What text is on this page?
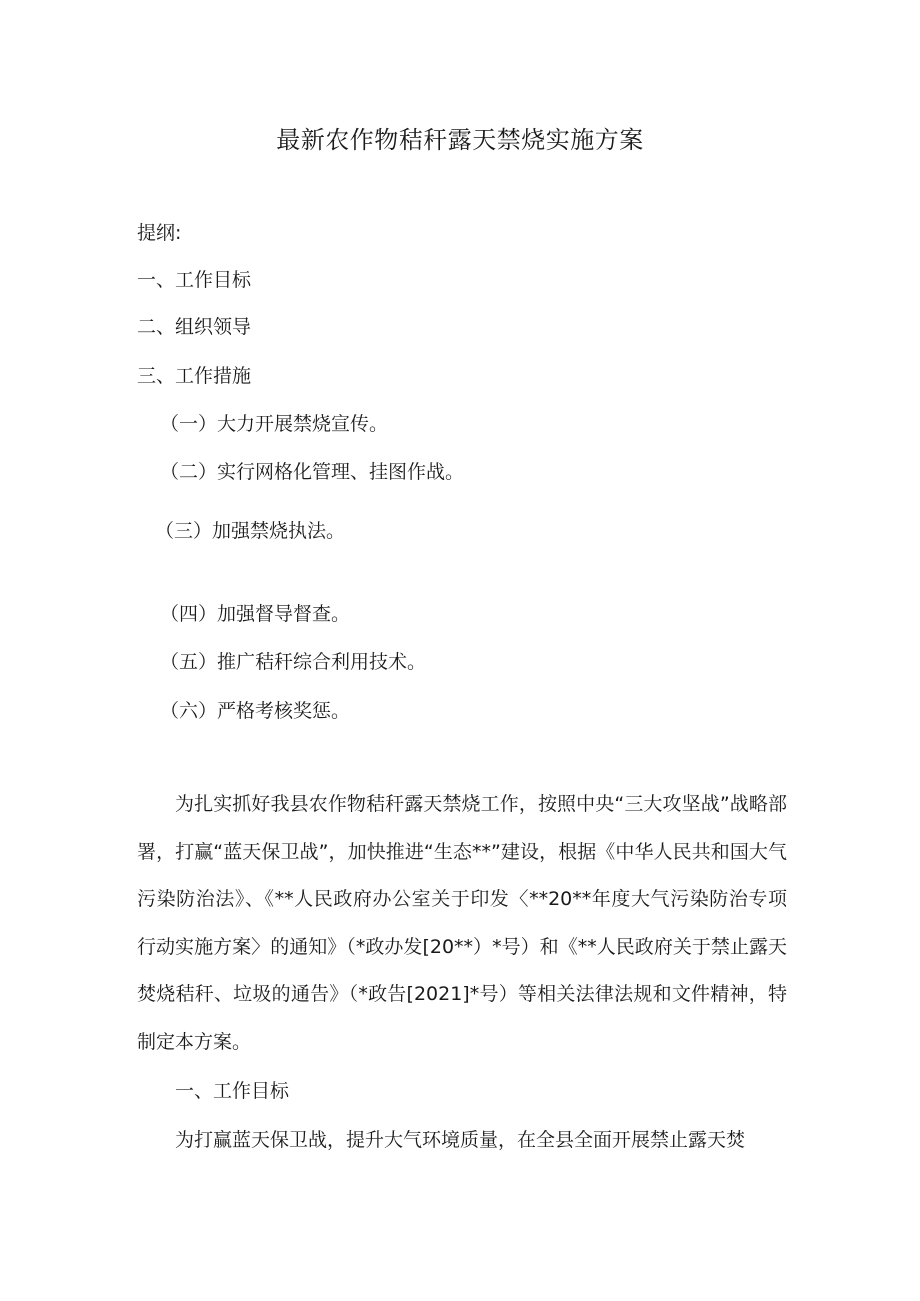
最新农作物秸秆露天禁烧实施方案
提纲:
一、工作目标
二、组织领导
三、工作措施
（一）大力开展禁烧宣传。
（二）实行网格化管理、挂图作战。
（三）加强禁烧执法。
（四）加强督导督查。
（五）推广秸秆综合利用技术。
（六）严格考核奖惩。
为扎实抓好我县农作物秸秆露天禁烧工作，按照中央“三大攻坚战”战略部署，打赢“蓝天保卫战”，加快推进“生态**”建设，根据《中华人民共和国大气污染防治法》、《**人民政府办公室关于印发〈**20**年度大气污染防治专项行动实施方案〉的通知》（*政办发[20**）*号）和《**人民政府关于禁止露天焚烧秸秆、垃圾的通告》（*政告[2021]*号）等相关法律法规和文件精神，特制定本方案。
一、工作目标
为打赢蓝天保卫战，提升大气环境质量，在全县全面开展禁止露天焚
